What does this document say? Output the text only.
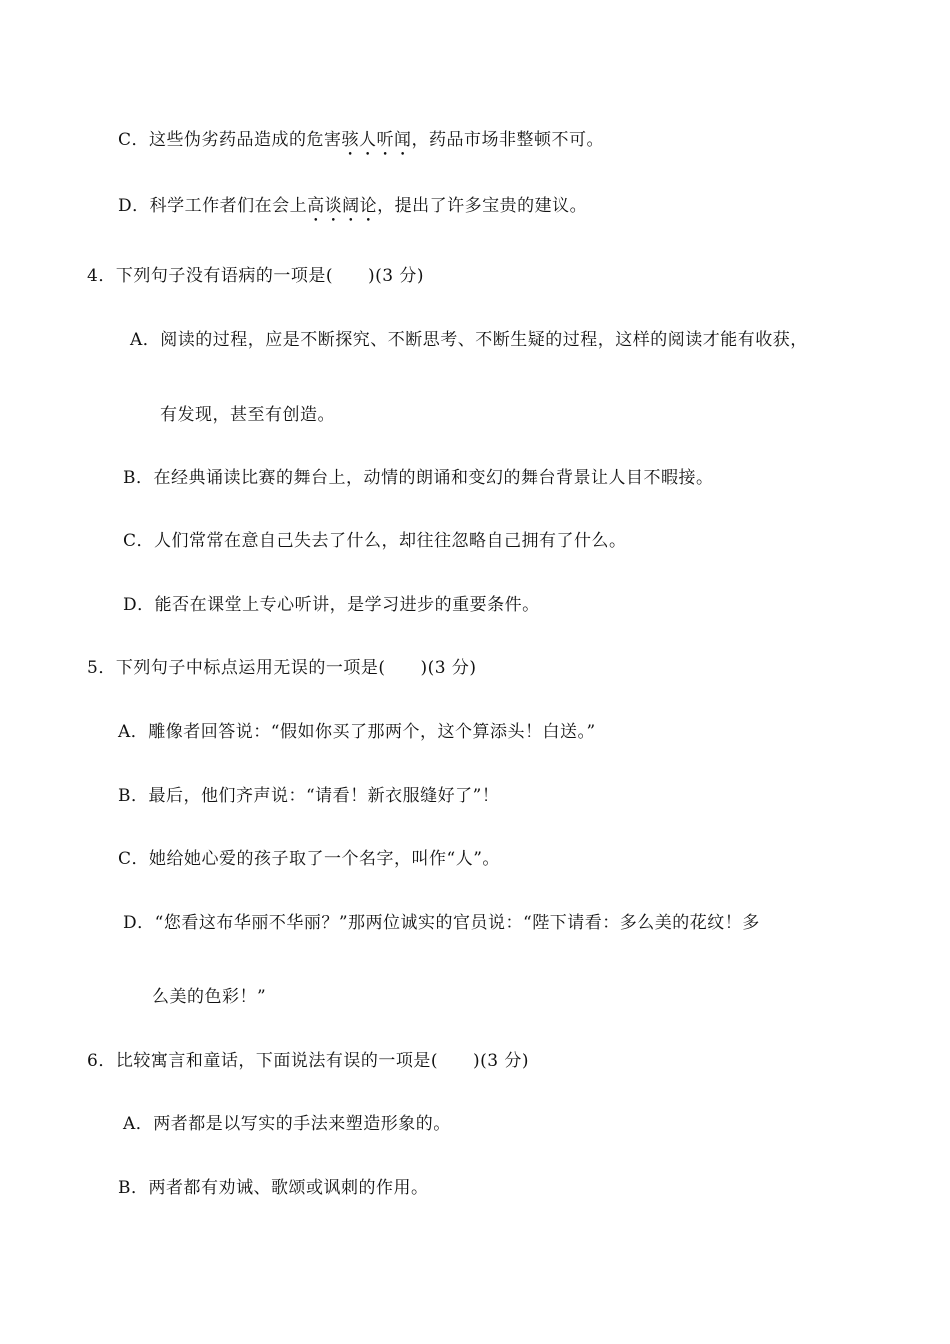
C．这些伪劣药品造成的危害骇人听闻，药品市场非整顿不可。
D．科学工作者们在会上高谈阔论，提出了许多宝贵的建议。
4．下列句子没有语病的一项是(　　)(3 分)
A．阅读的过程，应是不断探究、不断思考、不断生疑的过程，这样的阅读才能有收获，
有发现，甚至有创造。
B．在经典诵读比赛的舞台上，动情的朗诵和变幻的舞台背景让人目不暇接。
C．人们常常在意自己失去了什么，却往往忽略自己拥有了什么。
D．能否在课堂上专心听讲，是学习进步的重要条件。
5．下列句子中标点运用无误的一项是(　　)(3 分)
A．雕像者回答说：“假如你买了那两个，这个算添头！白送。”
B．最后，他们齐声说：“请看！新衣服缝好了”！
C．她给她心爱的孩子取了一个名字，叫作“人”。
D．“您看这布华丽不华丽？”那两位诚实的官员说：“陛下请看：多么美的花纹！多
么美的色彩！”
6．比较寓言和童话，下面说法有误的一项是(　　)(3 分)
A．两者都是以写实的手法来塑造形象的。
B．两者都有劝诫、歌颂或讽刺的作用。
